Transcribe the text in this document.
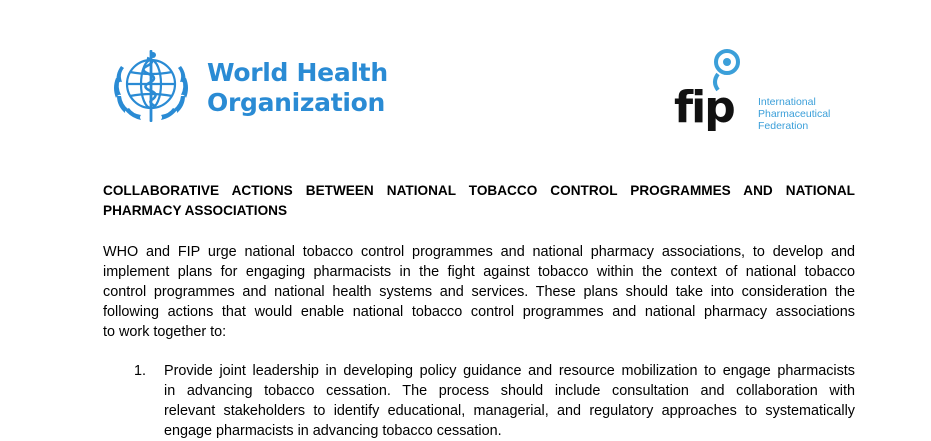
World Health
Organization	fip International
Pharmaceutical
Federation
COLLABORATIVE ACTIONS BETWEEN NATIONAL TOBACCO CONTROL PROGRAMMES AND NATIONAL
PHARMACY ASSOCIATIONS
WHO and FIP urge national tobacco control programmes and national pharmacy associations, to develop and
implement plans for engaging pharmacists in the fight against tobacco within the context of national tobacco
control programmes and national health systems and services. These plans should take into consideration the
following actions that would enable national tobacco control programmes and national pharmacy associations
to work together to:
1. Provide joint leadership in developing policy guidance and resource mobilization to engage pharmacists
in advancing tobacco cessation. The process should include consultation and collaboration with
relevant stakeholders to identify educational, managerial, and regulatory approaches to systematically
engage pharmacists in advancing tobacco cessation.
